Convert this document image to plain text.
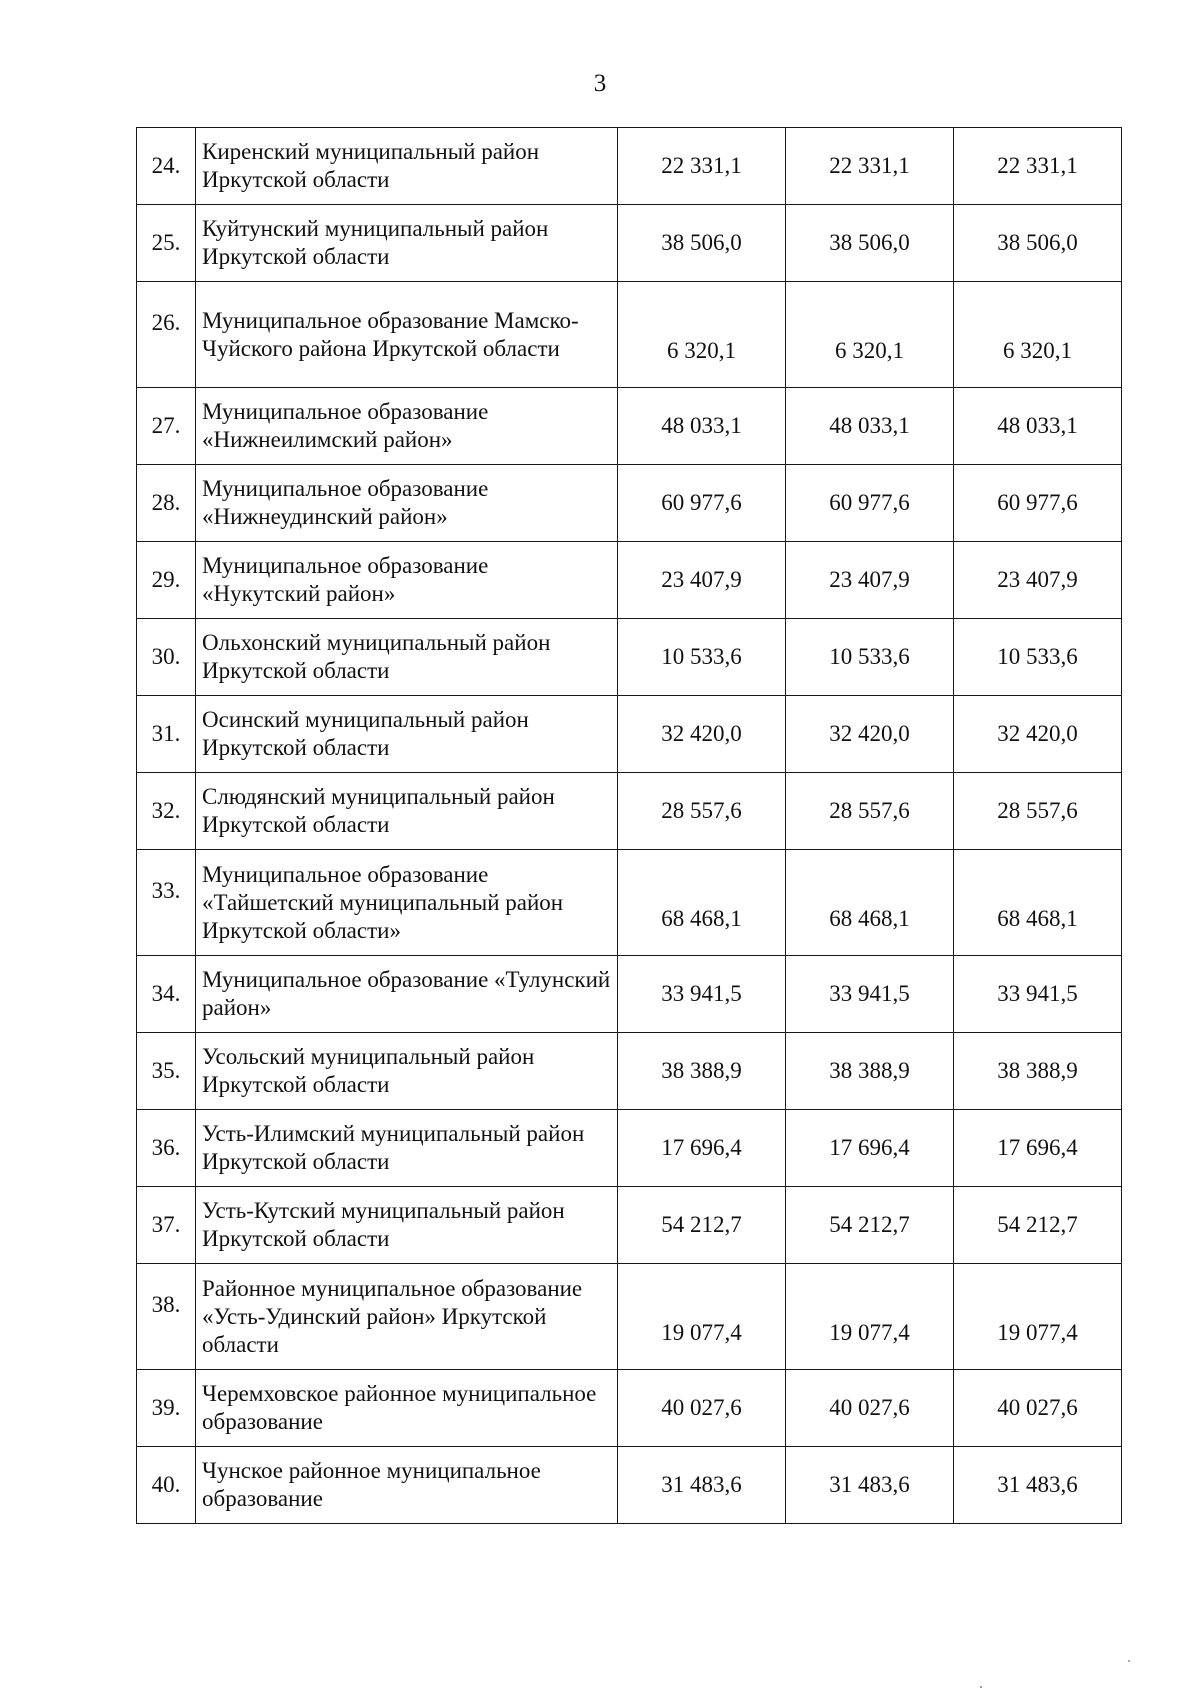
3
24.	Киренский муниципальный район Иркутской области	22 331,1	22 331,1	22 331,1
25.	Куйтунский муниципальный район Иркутской области	38 506,0	38 506,0	38 506,0
26.	Муниципальное образование Мамско-Чуйского района Иркутской области	6 320,1	6 320,1	6 320,1
27.	Муниципальное образование «Нижнеилимский район»	48 033,1	48 033,1	48 033,1
28.	Муниципальное образование «Нижнеудинский район»	60 977,6	60 977,6	60 977,6
29.	Муниципальное образование «Нукутский район»	23 407,9	23 407,9	23 407,9
30.	Ольхонский муниципальный район Иркутской области	10 533,6	10 533,6	10 533,6
31.	Осинский муниципальный район Иркутской области	32 420,0	32 420,0	32 420,0
32.	Слюдянский муниципальный район Иркутской области	28 557,6	28 557,6	28 557,6
33.	Муниципальное образование «Тайшетский муниципальный район Иркутской области»	68 468,1	68 468,1	68 468,1
34.	Муниципальное образование «Тулунский район»	33 941,5	33 941,5	33 941,5
35.	Усольский муниципальный район Иркутской области	38 388,9	38 388,9	38 388,9
36.	Усть-Илимский муниципальный район Иркутской области	17 696,4	17 696,4	17 696,4
37.	Усть-Кутский муниципальный район Иркутской области	54 212,7	54 212,7	54 212,7
38.	Районное муниципальное образование «Усть-Удинский район» Иркутской области	19 077,4	19 077,4	19 077,4
39.	Черемховское районное муниципальное образование	40 027,6	40 027,6	40 027,6
40.	Чунское районное муниципальное образование	31 483,6	31 483,6	31 483,6
